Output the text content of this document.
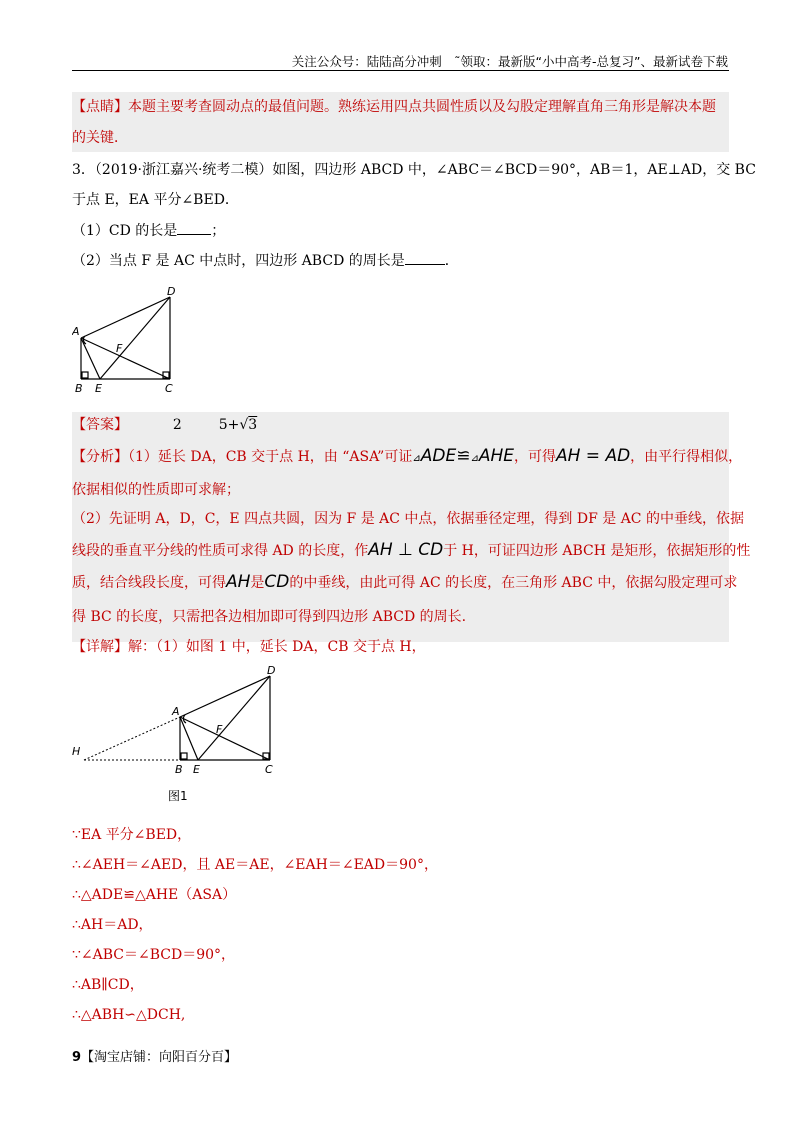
关注公众号：陆陆高分冲刺　˜领取：最新版“小中高考-总复习”、最新试卷下载
【点睛】本题主要考查圆动点的最值问题。熟练运用四点共圆性质以及勾股定理解直角三角形是解决本题
的关键．
3．（2019·浙江嘉兴·统考二模）如图，四边形 ABCD 中，∠ABC＝∠BCD＝90°，AB＝1，AE⊥AD，交 BC
于点 E，EA 平分∠BED．
（1）CD 的长是 ；
（2）当点 F 是 AC 中点时，四边形 ABCD 的周长是	．
D
A
F
B E	C
【答案】	2	5+√3
【分析】（1）延长 DA，CB 交于点 H，由 “ASA”可证⊿ADE≌⊿AHE，可得AH = AD，由平行得相似，
依据相似的性质即可求解；
（2）先证明 A，D，C，E 四点共圆，因为 F 是 AC 中点，依据垂径定理，得到 DF 是 AC 的中垂线，依据
线段的垂直平分线的性质可求得 AD 的长度，作AH ⊥ CD于 H，可证四边形 ABCH 是矩形，依据矩形的性
质，结合线段长度，可得AH是CD的中垂线，由此可得 AC 的长度，在三角形 ABC 中，依据勾股定理可求
得 BC 的长度，只需把各边相加即可得到四边形 ABCD 的周长.
【详解】解：（1）如图 1 中，延长 DA，CB 交于点 H，
D
A
F
H
B E	C
图1
∵EA 平分∠BED，
∴∠AEH＝∠AED，且 AE＝AE，∠EAH＝∠EAD＝90°，
∴△ADE≌△AHE（ASA）
∴AH＝AD，
∵∠ABC＝∠BCD＝90°，
∴AB∥CD，
∴△ABH∽△DCH,
9【淘宝店铺：向阳百分百】
